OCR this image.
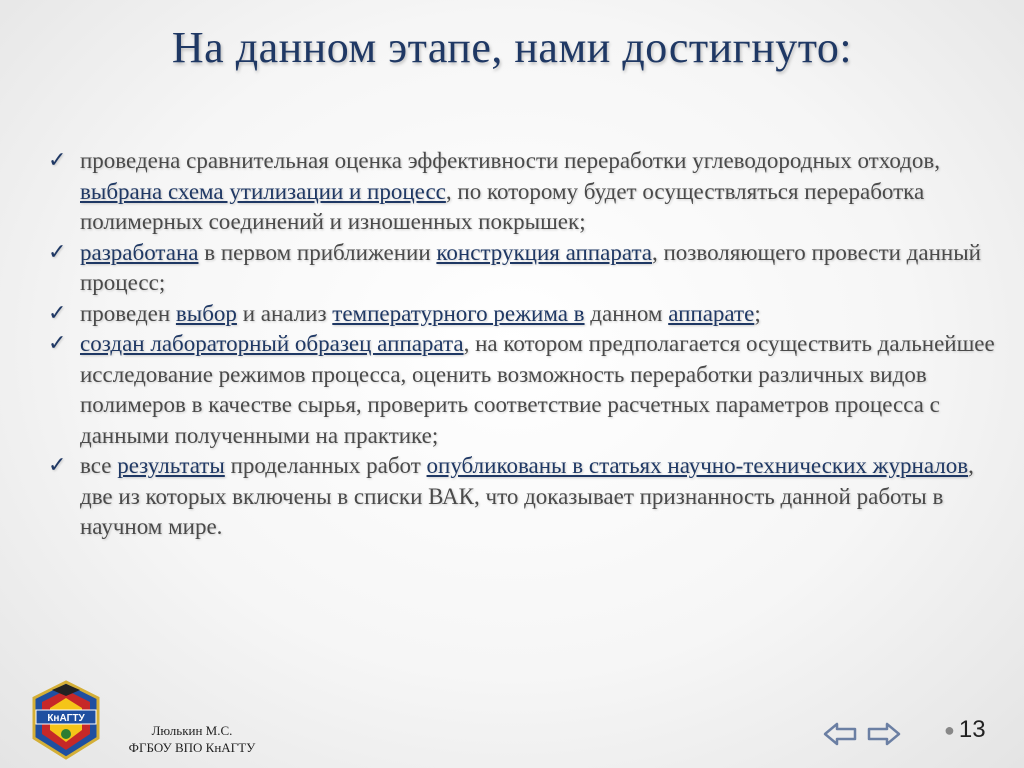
На данном этапе, нами достигнуто:
✓ проведена сравнительная оценка эффективности переработки углеводородных отходов, выбрана схема утилизации и процесс, по которому будет осуществляться переработка полимерных соединений и изношенных покрышек;
✓ разработана в первом приближении конструкция аппарата, позволяющего провести данный процесс;
✓ проведен выбор и анализ температурного режима в данном аппарате;
✓ создан лабораторный образец аппарата, на котором предполагается осуществить дальнейшее исследование режимов процесса, оценить возможность переработки различных видов полимеров в качестве сырья, проверить соответствие расчетных параметров процесса с данными полученными на практике;
✓ все результаты проделанных работ опубликованы в статьях научно-технических журналов, две из которых включены в списки ВАК, что доказывает признанность данной работы в научном мире.
КнАГТУ
Люлькин М.С.
ФГБОУ ВПО КнАГТУ
● 13
